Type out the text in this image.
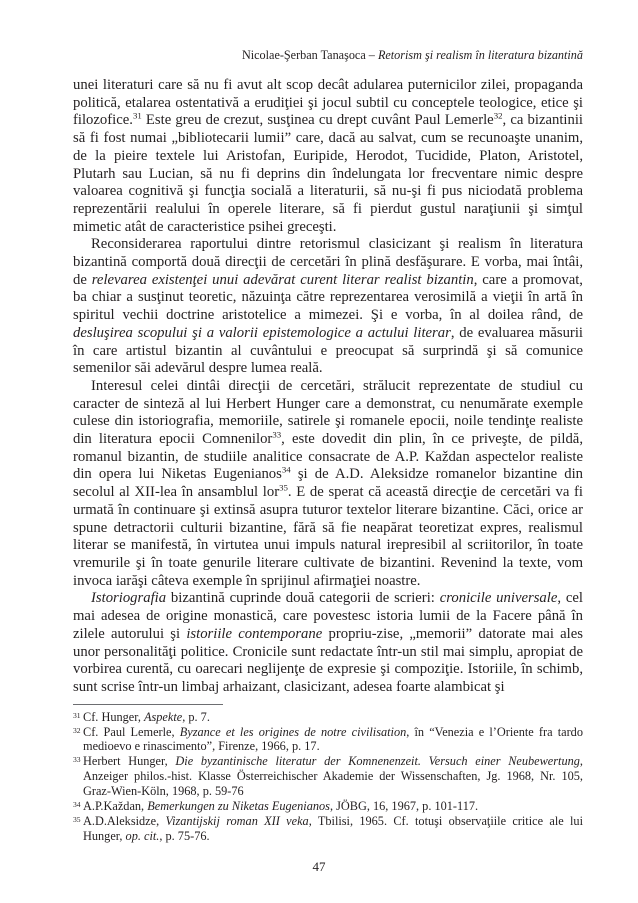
Nicolae-Şerban Tanaşoca – Retorism şi realism în literatura bizantină

unei literaturi care să nu fi avut alt scop decât adularea puternicilor zilei, propaganda politică, etalarea ostentativă a erudiţiei şi jocul subtil cu conceptele teologice, etice şi filozofice.$^{31}$ Este greu de crezut, susţinea cu drept cuvânt Paul Lemerle$^{32}$, ca bizantinii să fi fost numai „bibliotecarii lumii” care, dacă au salvat, cum se recunoaşte unanim, de la pieire textele lui Aristofan, Euripide, Herodot, Tucidide, Platon, Aristotel, Plutarh sau Lucian, să nu fi deprins din îndelungata lor frecventare nimic despre valoarea cognitivă şi funcţia socială a literaturii, să nu-şi fi pus niciodată problema reprezentării realului în operele literare, să fi pierdut gustul naraţiunii şi simţul mimetic atât de caracteristice psihei greceşti.

Reconsiderarea raportului dintre retorismul clasicizant şi realism în literatura bizantină comportă două direcţii de cercetări în plină desfăşurare. E vorba, mai întâi, de relevarea existenţei unui adevărat curent literar realist bizantin, care a promovat, ba chiar a susţinut teoretic, năzuinţa către reprezentarea verosimilă a vieţii în artă în spiritul vechii doctrine aristotelice a mimezei. Şi e vorba, în al doilea rând, de desluşirea scopului şi a valorii epistemologice a actului literar, de evaluarea măsurii în care artistul bizantin al cuvântului e preocupat să surprindă şi să comunice semenilor săi adevărul despre lumea reală.

Interesul celei dintâi direcţii de cercetări, strălucit reprezentate de studiul cu caracter de sinteză al lui Herbert Hunger care a demonstrat, cu nenumărate exemple culese din istoriografia, memoriile, satirele şi romanele epocii, noile tendinţe realiste din literatura epocii Comnenilor$^{33}$, este dovedit din plin, în ce priveşte, de pildă, romanul bizantin, de studiile analitice consacrate de A.P. Každan aspectelor realiste din opera lui Niketas Eugenianos$^{34}$ şi de A.D. Aleksidze romanelor bizantine din secolul al XII-lea în ansamblul lor$^{35}$. E de sperat că această direcţie de cercetări va fi urmată în continuare şi extinsă asupra tuturor textelor literare bizantine. Căci, orice ar spune detractorii culturii bizantine, fără să fie neapărat teoretizat expres, realismul literar se manifestă, în virtutea unui impuls natural irepresibil al scriitorilor, în toate vremurile şi în toate genurile literare cultivate de bizantini. Revenind la texte, vom invoca iarăşi câteva exemple în sprijinul afirmaţiei noastre.

Istoriografia bizantină cuprinde două categorii de scrieri: cronicile universale, cel mai adesea de origine monastică, care povestesc istoria lumii de la Facere până în zilele autorului şi istoriile contemporane propriu-zise, „memorii” datorate mai ales unor personalităţi politice. Cronicile sunt redactate într-un stil mai simplu, apropiat de vorbirea curentă, cu oarecari neglijenţe de expresie şi compoziţie. Istoriile, în schimb, sunt scrise într-un limbaj arhaizant, clasicizant, adesea foarte alambicat şi

31 Cf. Hunger, Aspekte, p. 7.
32 Cf. Paul Lemerle, Byzance et les origines de notre civilisation, în “Venezia e l’Oriente fra tardo medioevo e rinascimento”, Firenze, 1966, p. 17.
33 Herbert Hunger, Die byzantinische literatur der Komnenenzeit. Versuch einer Neubewertung, Anzeiger philos.-hist. Klasse Österreichischer Akademie der Wissenschaften, Jg. 1968, Nr. 105, Graz-Wien-Köln, 1968, p. 59-76
34 A.P.Každan, Bemerkungen zu Niketas Eugenianos, JÖBG, 16, 1967, p. 101-117.
35 A.D.Aleksidze, Vizantijskij roman XII veka, Tbilisi, 1965. Cf. totuşi observaţiile critice ale lui Hunger, op. cit., p. 75-76.
47
